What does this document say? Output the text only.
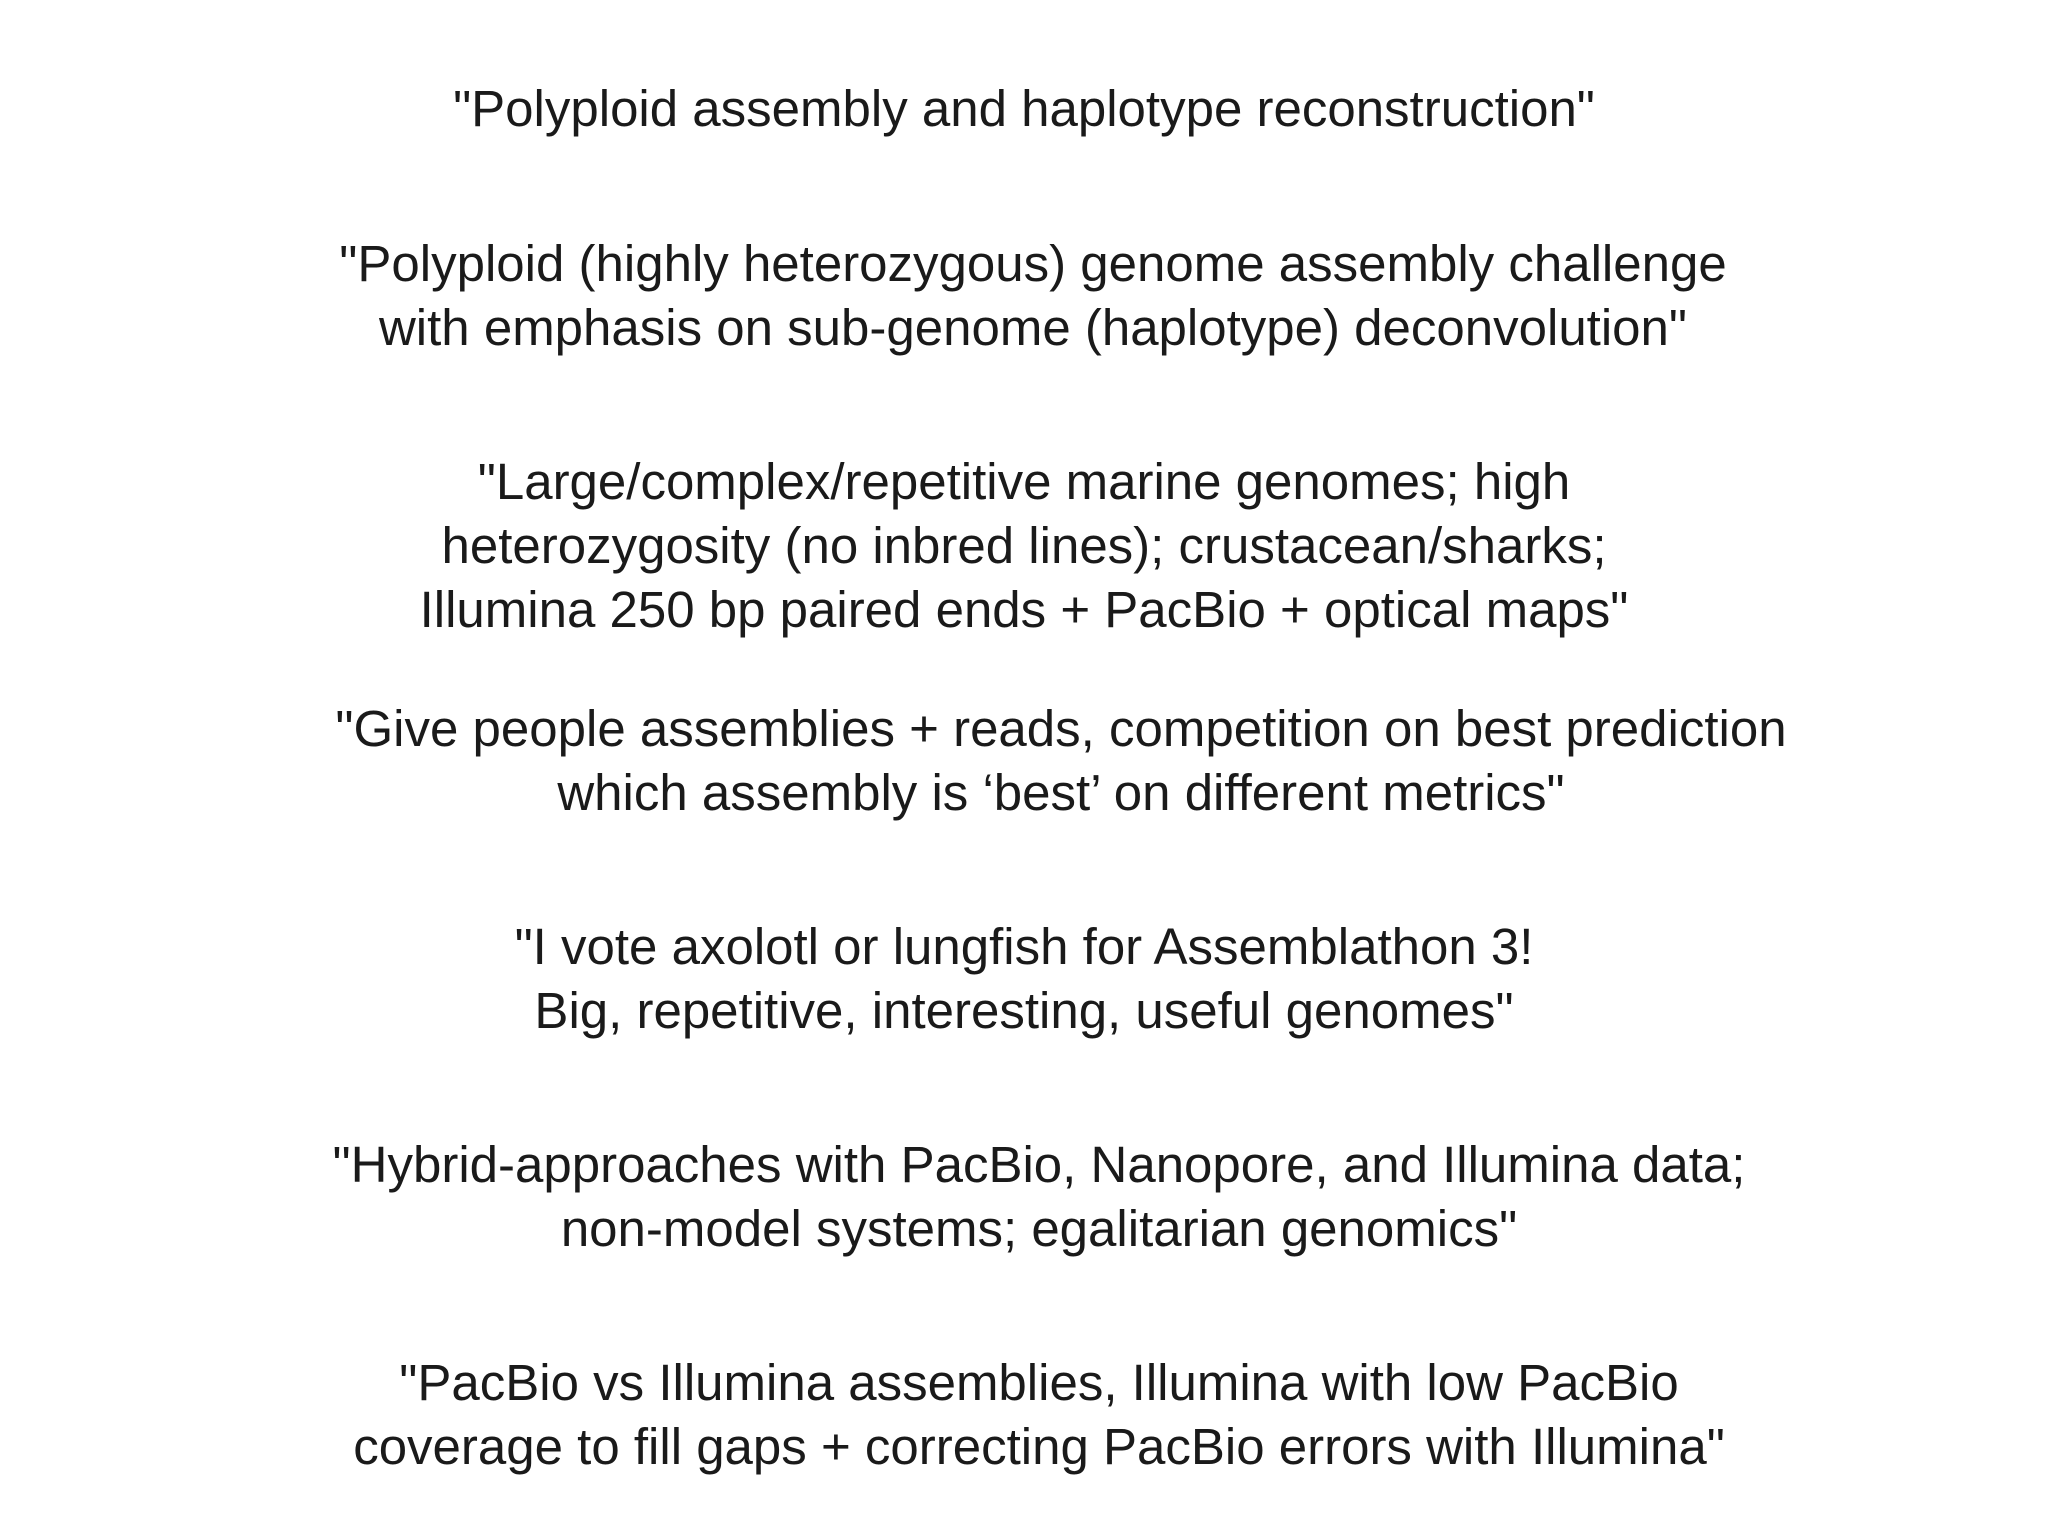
"Polyploid assembly and haplotype reconstruction"
"Polyploid (highly heterozygous) genome assembly challenge
with emphasis on sub-genome (haplotype) deconvolution"
"Large/complex/repetitive marine genomes; high
heterozygosity (no inbred lines); crustacean/sharks;
Illumina 250 bp paired ends + PacBio + optical maps"
"Give people assemblies + reads, competition on best prediction
which assembly is ‘best’ on different metrics"
"I vote axolotl or lungfish for Assemblathon 3!
Big, repetitive, interesting, useful genomes"
"Hybrid-approaches with PacBio, Nanopore, and Illumina data;
non-model systems; egalitarian genomics"
"PacBio vs Illumina assemblies, Illumina with low PacBio
coverage to fill gaps + correcting PacBio errors with Illumina"
